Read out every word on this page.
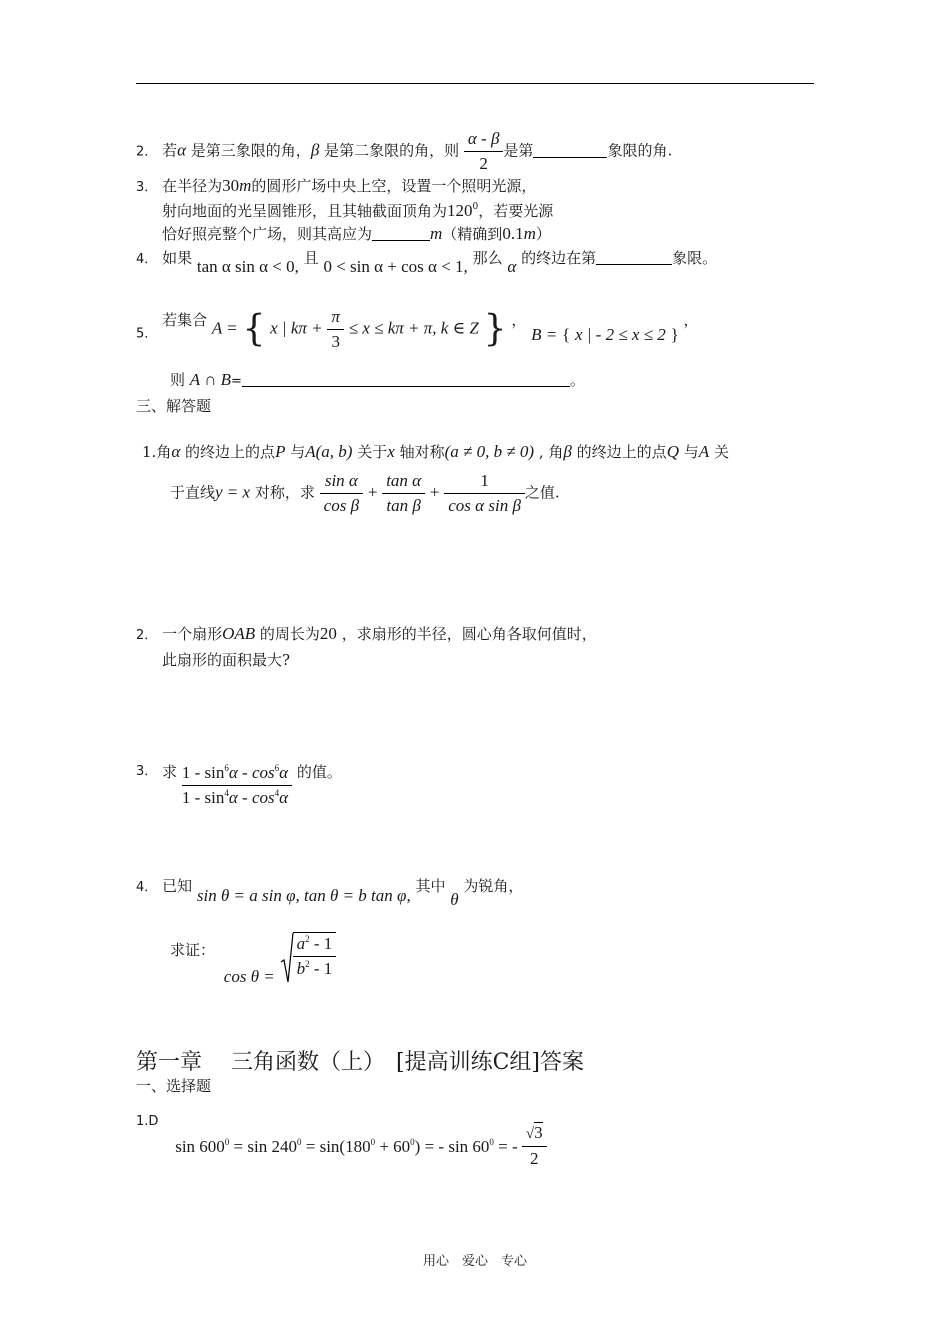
2． 若α 是第三象限的角，β 是第二象限的角，则 $\frac{\alpha - \beta}{2}$ 是第	象限的角.
3． 在半径为30m的圆形广场中央上空，设置一个照明光源，
射向地面的光呈圆锥形，且其轴截面顶角为$120^0$，若要光源
恰好照亮整个广场，则其高应为	m（精确到0.1m）
4． 如果 tan α sin α < 0, 且 0 < sin α + cos α < 1, 那么 α 的终边在第	象限。
5． 若集合 A = { x | $k\pi + \frac{\pi}{3} \le x \le k\pi + \pi$, k ∈ Z } ， B = { x | - 2 ≤ x ≤ 2 } ，
则 A ∩ B=	。
三、解答题
1.角α 的终边上的点P 与A(a, b) 关于x 轴对称(a ≠ 0, b ≠ 0) , 角β 的终边上的点Q 与A 关
于直线y = x 对称，求 $\frac{\text{sin α}}{\text{cos β}} + \frac{\text{tan α}}{\text{tan β}} + \frac{1}{\text{cos α sin β}}$ 之值.
2． 一个扇形OAB 的周长为20 ，求扇形的半径，圆心角各取何值时，
此扇形的面积最大?
3． 求 $\frac{1 - \sin^6\alpha - \cos^6\alpha}{1 - \sin^4\alpha - \cos^4\alpha}$ 的值。
4． 已知 sin θ = a sin φ, tan θ = b tan φ, 其中 θ 为锐角，
求证： $\cos \theta = \frac{a^2 - 1}{b^2 - 1}$
第一章　 三角函数（上）　[提高训练C组]答案
一、选择题
1.D $\sin 600^0 = \sin 240^0 = \sin(180^0 + 60^0)$ = - $\sin 60^0$ = - $\frac{√3}{2}$
用心　爱心　专心
